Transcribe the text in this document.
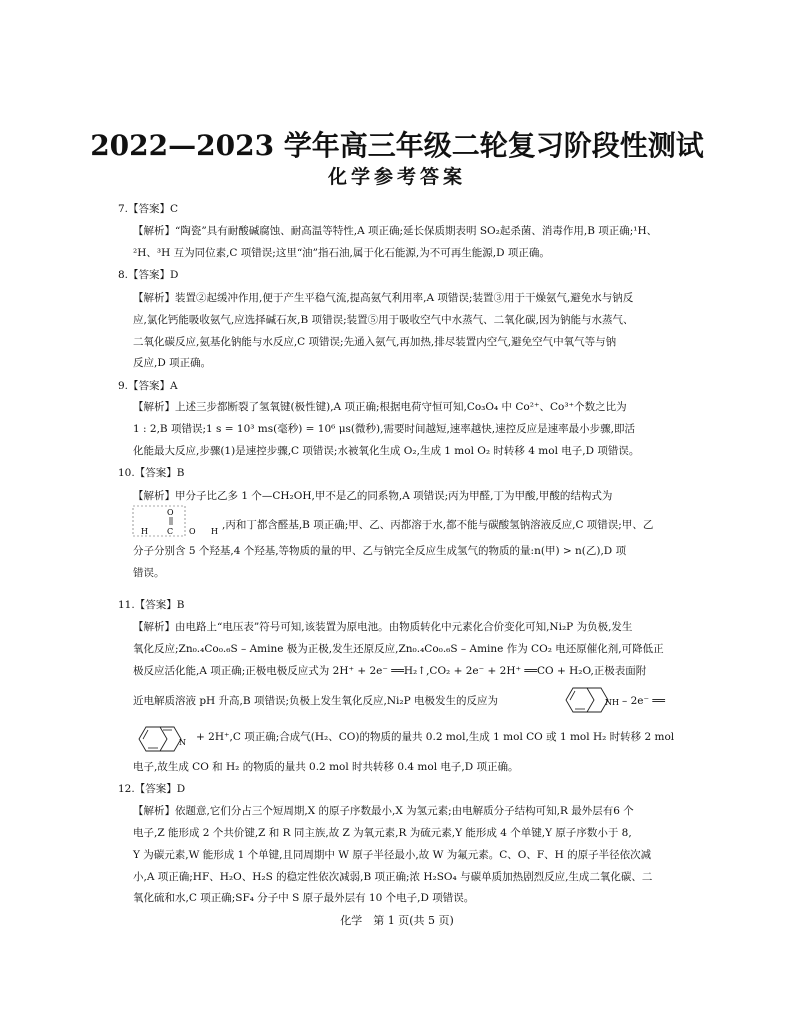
2022—2023 学年高三年级二轮复习阶段性测试
化学参考答案
7.【答案】C
【解析】“陶瓷”具有耐酸碱腐蚀、耐高温等特性,A 项正确;延长保质期表明 SO₂起杀菌、消毒作用,B 项正确;¹H、
²H、³H 互为同位素,C 项错误;这里“油”指石油,属于化石能源,为不可再生能源,D 项正确。
8.【答案】D
【解析】装置②起缓冲作用,便于产生平稳气流,提高氨气利用率,A 项错误;装置③用于干燥氨气,避免水与钠反
应,氯化钙能吸收氨气,应选择碱石灰,B 项错误;装置⑤用于吸收空气中水蒸气、二氧化碳,因为钠能与水蒸气、
二氧化碳反应,氨基化钠能与水反应,C 项错误;先通入氨气,再加热,排尽装置内空气,避免空气中氧气等与钠
反应,D 项正确。
9.【答案】A
【解析】上述三步都断裂了氢氧键(极性键),A 项正确;根据电荷守恒可知,Co₃O₄ 中 Co²⁺、Co³⁺个数之比为
1 : 2,B 项错误;1 s = 10³ ms(毫秒) = 10⁶ μs(微秒),需要时间越短,速率越快,速控反应是速率最小步骤,即活
化能最大反应,步骤(1)是速控步骤,C 项错误;水被氧化生成 O₂,生成 1 mol O₂ 时转移 4 mol 电子,D 项错误。
10.【答案】B
【解析】甲分子比乙多 1 个—CH₂OH,甲不是乙的同系物,A 项错误;丙为甲醛,丁为甲酸,甲酸的结构式为
O
H C O H
,丙和丁都含醛基,B 项正确;甲、乙、丙都溶于水,都不能与碳酸氢钠溶液反应,C 项错误;甲、乙
分子分别含 5 个羟基,4 个羟基,等物质的量的甲、乙与钠完全反应生成氢气的物质的量:n(甲) > n(乙),D 项
错误。
11.【答案】B
【解析】由电路上“电压表”符号可知,该装置为原电池。由物质转化中元素化合价变化可知,Ni₂P 为负极,发生
氧化反应;Zn₀.₄Co₀.₆S – Amine 极为正极,发生还原反应,Zn₀.₄Co₀.₆S – Amine 作为 CO₂ 电还原催化剂,可降低正
极反应活化能,A 项正确;正极电极反应式为 2H⁺ + 2e⁻ ══H₂↑,CO₂ + 2e⁻ + 2H⁺ ══CO + H₂O,正极表面附
近电解质溶液 pH 升高,B 项错误;负极上发生氧化反应,Ni₂P 电极发生的反应为	NH – 2e⁻ ══
N + 2H⁺,C 项正确;合成气(H₂、CO)的物质的量共 0.2 mol,生成 1 mol CO 或 1 mol H₂ 时转移 2 mol
电子,故生成 CO 和 H₂ 的物质的量共 0.2 mol 时共转移 0.4 mol 电子,D 项正确。
12.【答案】D
【解析】依题意,它们分占三个短周期,X 的原子序数最小,X 为氢元素;由电解质分子结构可知,R 最外层有6 个
电子,Z 能形成 2 个共价键,Z 和 R 同主族,故 Z 为氧元素,R 为硫元素,Y 能形成 4 个单键,Y 原子序数小于 8,
Y 为碳元素,W 能形成 1 个单键,且同周期中 W 原子半径最小,故 W 为氟元素。C、O、F、H 的原子半径依次减
小,A 项正确;HF、H₂O、H₂S 的稳定性依次减弱,B 项正确;浓 H₂SO₄ 与碳单质加热剧烈反应,生成二氧化碳、二
氧化硫和水,C 项正确;SF₄ 分子中 S 原子最外层有 10 个电子,D 项错误。
化学　第 1 页(共 5 页)
